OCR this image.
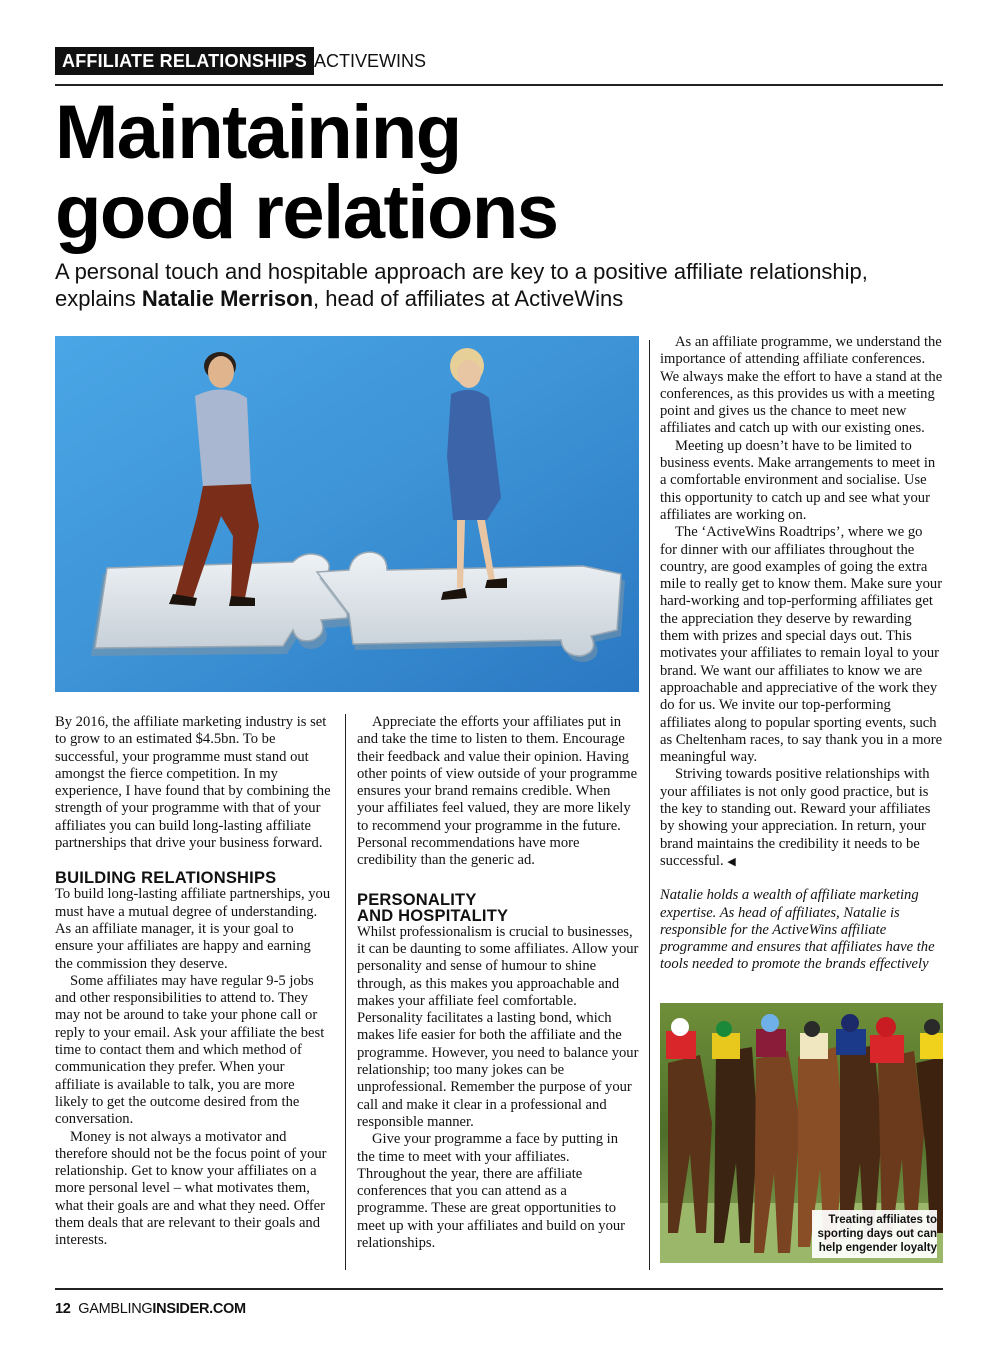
AFFILIATE RELATIONSHIPS ACTIVEWINS
Maintaining
good relations

A personal touch and hospitable approach are key to a positive affiliate relationship, explains Natalie Merrison, head of affiliates at ActiveWins

By 2016, the affiliate marketing industry is set to grow to an estimated $4.5bn. To be successful, your programme must stand out amongst the fierce competition. In my experience, I have found that by combining the strength of your programme with that of your affiliates you can build long-lasting affiliate partnerships that drive your business forward.

BUILDING RELATIONSHIPS

To build long-lasting affiliate partnerships, you must have a mutual degree of understanding. As an affiliate manager, it is your goal to ensure your affiliates are happy and earning the commission they deserve.

Some affiliates may have regular 9-5 jobs and other responsibilities to attend to. They may not be around to take your phone call or reply to your email. Ask your affiliate the best time to contact them and which method of communication they prefer. When your affiliate is available to talk, you are more likely to get the outcome desired from the conversation.

Money is not always a motivator and therefore should not be the focus point of your relationship. Get to know your affiliates on a more personal level – what motivates them, what their goals are and what they need. Offer them deals that are relevant to their goals and interests.

Appreciate the efforts your affiliates put in and take the time to listen to them. Encourage their feedback and value their opinion. Having other points of view outside of your programme ensures your brand remains credible. When your affiliates feel valued, they are more likely to recommend your programme in the future. Personal recommendations have more credibility than the generic ad.

PERSONALITY
AND HOSPITALITY

Whilst professionalism is crucial to businesses, it can be daunting to some affiliates. Allow your personality and sense of humour to shine through, as this makes you approachable and makes your affiliate feel comfortable. Personality facilitates a lasting bond, which makes life easier for both the affiliate and the programme. However, you need to balance your relationship; too many jokes can be unprofessional. Remember the purpose of your call and make it clear in a professional and responsible manner.

Give your programme a face by putting in the time to meet with your affiliates. Throughout the year, there are affiliate conferences that you can attend as a programme. These are great opportunities to meet up with your affiliates and build on your relationships.

As an affiliate programme, we understand the importance of attending affiliate conferences. We always make the effort to have a stand at the conferences, as this provides us with a meeting point and gives us the chance to meet new affiliates and catch up with our existing ones.

Meeting up doesn’t have to be limited to business events. Make arrangements to meet in a comfortable environment and socialise. Use this opportunity to catch up and see what your affiliates are working on.

The ‘ActiveWins Roadtrips’, where we go for dinner with our affiliates throughout the country, are good examples of going the extra mile to really get to know them. Make sure your hard-working and top-performing affiliates get the appreciation they deserve by rewarding them with prizes and special days out. This motivates your affiliates to remain loyal to your brand. We want our affiliates to know we are approachable and appreciative of the work they do for us. We invite our top-performing affiliates along to popular sporting events, such as Cheltenham races, to say thank you in a more meaningful way.

Striving towards positive relationships with your affiliates is not only good practice, but is the key to standing out. Reward your affiliates by showing your appreciation. In return, your brand maintains the credibility it needs to be successful. ◀

Natalie holds a wealth of affiliate marketing expertise. As head of affiliates, Natalie is responsible for the ActiveWins affiliate programme and ensures that affiliates have the tools needed to promote the brands effectively

Treating affiliates to
sporting days out can
help engender loyalty
12 GAMBLINGINSIDER.COM
